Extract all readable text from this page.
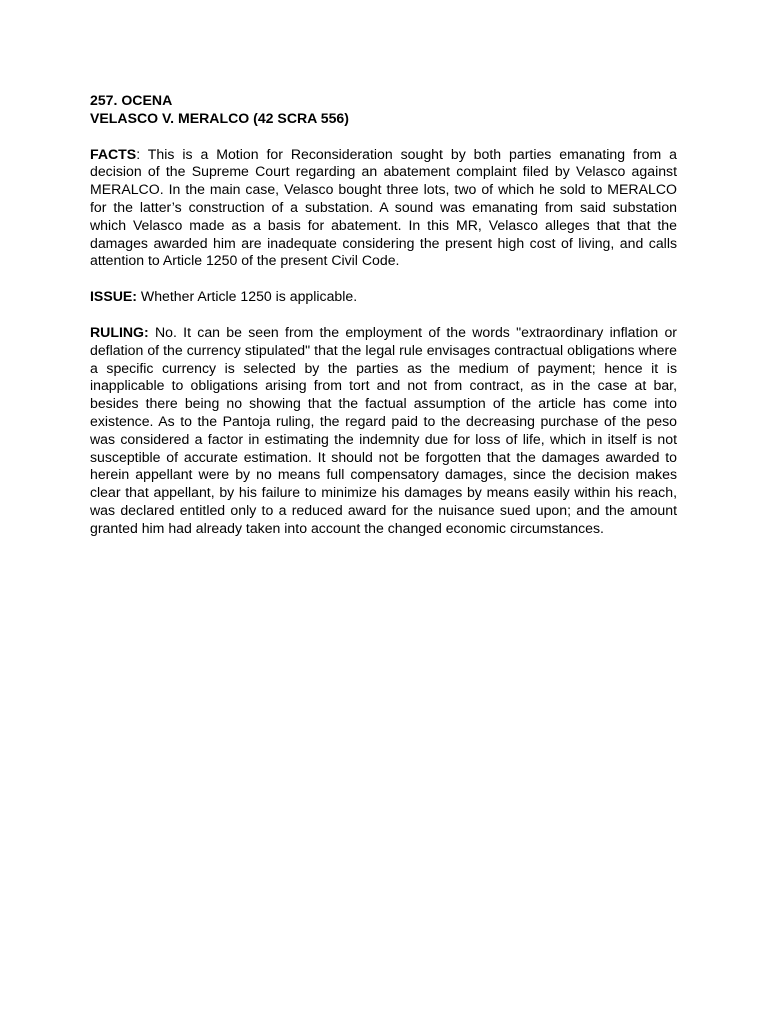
257. OCENA

VELASCO V. MERALCO (42 SCRA 556)

FACTS: This is a Motion for Reconsideration sought by both parties emanating from a decision of the Supreme Court regarding an abatement complaint filed by Velasco against MERALCO. In the main case, Velasco bought three lots, two of which he sold to MERALCO for the latter’s construction of a substation. A sound was emanating from said substation which Velasco made as a basis for abatement. In this MR, Velasco alleges that that the damages awarded him are inadequate considering the present high cost of living, and calls attention to Article 1250 of the present Civil Code.

ISSUE: Whether Article 1250 is applicable.

RULING: No. It can be seen from the employment of the words "extraordinary inflation or deflation of the currency stipulated" that the legal rule envisages contractual obligations where a specific currency is selected by the parties as the medium of payment; hence it is inapplicable to obligations arising from tort and not from contract, as in the case at bar, besides there being no showing that the factual assumption of the article has come into existence. As to the Pantoja ruling, the regard paid to the decreasing purchase of the peso was considered a factor in estimating the indemnity due for loss of life, which in itself is not susceptible of accurate estimation. It should not be forgotten that the damages awarded to herein appellant were by no means full compensatory damages, since the decision makes clear that appellant, by his failure to minimize his damages by means easily within his reach, was declared entitled only to a reduced award for the nuisance sued upon; and the amount granted him had already taken into account the changed economic circumstances.
